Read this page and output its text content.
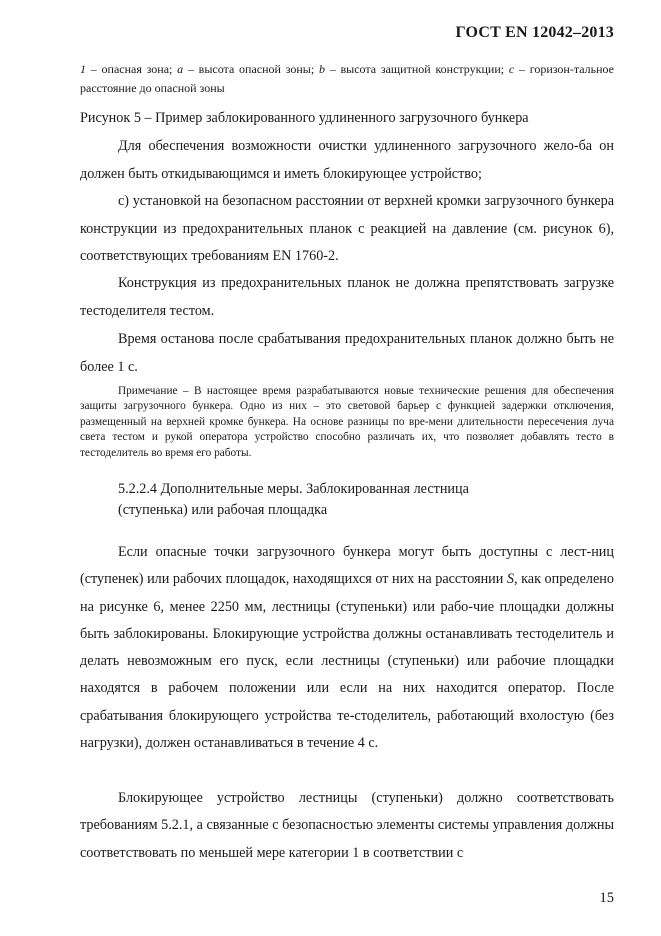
ГОСТ EN 12042–2013
1 – опасная зона; a – высота опасной зоны; b – высота защитной конструкции; c – горизон-тальное расстояние до опасной зоны
Рисунок 5 – Пример заблокированного удлиненного загрузочного бункера

Для обеспечения возможности очистки удлиненного загрузочного жело-ба он должен быть откидывающимся и иметь блокирующее устройство;

с) установкой на безопасном расстоянии от верхней кромки загрузочного бункера конструкции из предохранительных планок с реакцией на давление (см. рисунок 6), соответствующих требованиям EN 1760-2.

Конструкция из предохранительных планок не должна препятствовать загрузке тестоделителя тестом.

Время останова после срабатывания предохранительных планок должно быть не более 1 с.

Примечание – В настоящее время разрабатываются новые технические решения для обеспечения защиты загрузочного бункера. Одно из них – это световой барьер с функцией задержки отключения, размещенный на верхней кромке бункера. На основе разницы по вре-мени длительности пересечения луча света тестом и рукой оператора устройство способно различать их, что позволяет добавлять тесто в тестоделитель во время его работы.

5.2.2.4 Дополнительные меры. Заблокированная лестница
(ступенька) или рабочая площадка

Если опасные точки загрузочного бункера могут быть доступны с лест-ниц (ступенек) или рабочих площадок, находящихся от них на расстоянии S, как определено на рисунке 6, менее 2250 мм, лестницы (ступеньки) или рабо-чие площадки должны быть заблокированы. Блокирующие устройства должны останавливать тестоделитель и делать невозможным его пуск, если лестницы (ступеньки) или рабочие площадки находятся в рабочем положении или если на них находится оператор. После срабатывания блокирующего устройства те-стоделитель, работающий вхолостую (без нагрузки), должен останавливаться в течение 4 с.

Блокирующее устройство лестницы (ступеньки) должно соответствовать требованиям 5.2.1, а связанные с безопасностью элементы системы управления должны соответствовать по меньшей мере категории 1 в соответствии с

15
